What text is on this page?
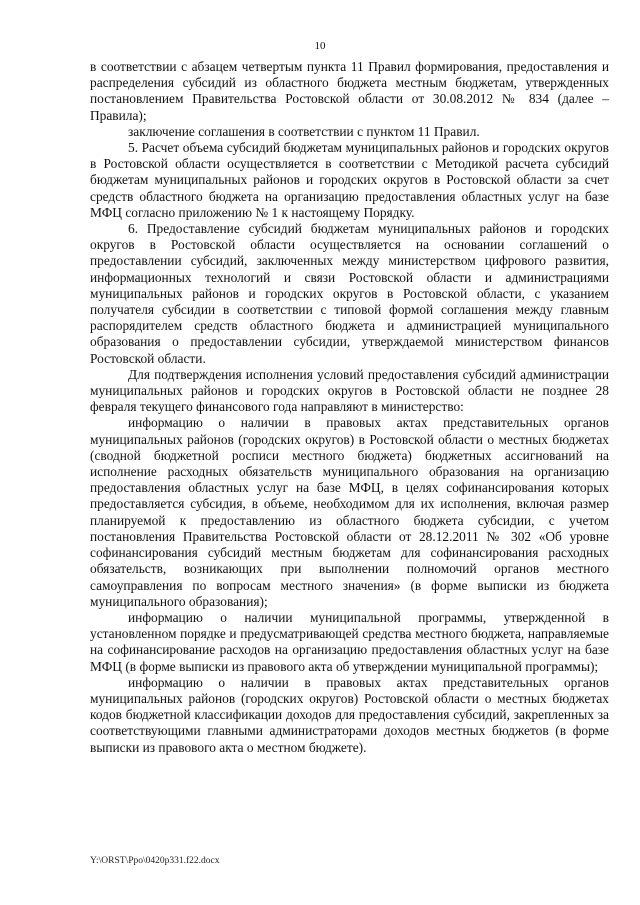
10

в соответствии с абзацем четвертым пункта 11 Правил формирования, предоставления и распределения субсидий из областного бюджета местным бюджетам, утвержденных постановлением Правительства Ростовской области от 30.08.2012 № 834 (далее – Правила);

заключение соглашения в соответствии с пунктом 11 Правил.

5. Расчет объема субсидий бюджетам муниципальных районов и городских округов в Ростовской области осуществляется в соответствии с Методикой расчета субсидий бюджетам муниципальных районов и городских округов в Ростовской области за счет средств областного бюджета на организацию предоставления областных услуг на базе МФЦ согласно приложению № 1 к настоящему Порядку.

6. Предоставление субсидий бюджетам муниципальных районов и городских округов в Ростовской области осуществляется на основании соглашений о предоставлении субсидий, заключенных между министерством цифрового развития, информационных технологий и связи Ростовской области и администрациями муниципальных районов и городских округов в Ростовской области, с указанием получателя субсидии в соответствии с типовой формой соглашения между главным распорядителем средств областного бюджета и администрацией муниципального образования о предоставлении субсидии, утверждаемой министерством финансов Ростовской области.

Для подтверждения исполнения условий предоставления субсидий администрации муниципальных районов и городских округов в Ростовской области не позднее 28 февраля текущего финансового года направляют в министерство:

информацию о наличии в правовых актах представительных органов муниципальных районов (городских округов) в Ростовской области о местных бюджетах (сводной бюджетной росписи местного бюджета) бюджетных ассигнований на исполнение расходных обязательств муниципального образования на организацию предоставления областных услуг на базе МФЦ, в целях софинансирования которых предоставляется субсидия, в объеме, необходимом для их исполнения, включая размер планируемой к предоставлению из областного бюджета субсидии, с учетом постановления Правительства Ростовской области от 28.12.2011 № 302 «Об уровне софинансирования субсидий местным бюджетам для софинансирования расходных обязательств, возникающих при выполнении полномочий органов местного самоуправления по вопросам местного значения» (в форме выписки из бюджета муниципального образования);

информацию о наличии муниципальной программы, утвержденной в установленном порядке и предусматривающей средства местного бюджета, направляемые на софинансирование расходов на организацию предоставления областных услуг на базе МФЦ (в форме выписки из правового акта об утверждении муниципальной программы);

информацию о наличии в правовых актах представительных органов муниципальных районов (городских округов) Ростовской области о местных бюджетах кодов бюджетной классификации доходов для предоставления субсидий, закрепленных за соответствующими главными администраторами доходов местных бюджетов (в форме выписки из правового акта о местном бюджете).

Y:\ORST\Ppo\0420p331.f22.docx
